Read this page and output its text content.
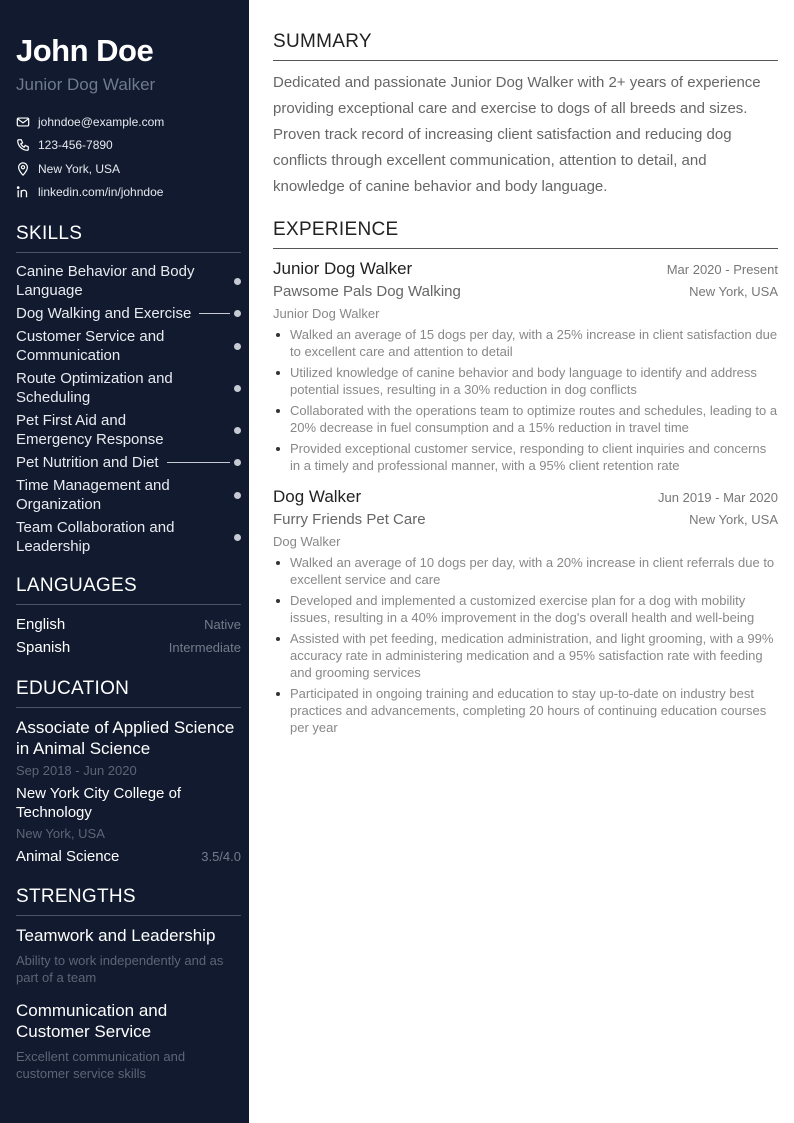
John Doe
Junior Dog Walker
johndoe@example.com
123-456-7890
New York, USA
linkedin.com/in/johndoe
SKILLS
Canine Behavior and Body Language
Dog Walking and Exercise
Customer Service and Communication
Route Optimization and Scheduling
Pet First Aid and Emergency Response
Pet Nutrition and Diet
Time Management and Organization
Team Collaboration and Leadership
LANGUAGES
English	Native
Spanish	Intermediate
EDUCATION
Associate of Applied Science in Animal Science
Sep 2018 - Jun 2020
New York City College of Technology
New York, USA
Animal Science	3.5/4.0
STRENGTHS
Teamwork and Leadership
Ability to work independently and as part of a team
Communication and Customer Service
Excellent communication and customer service skills
SUMMARY

Dedicated and passionate Junior Dog Walker with 2+ years of experience providing exceptional care and exercise to dogs of all breeds and sizes. Proven track record of increasing client satisfaction and reducing dog conflicts through excellent communication, attention to detail, and knowledge of canine behavior and body language.

EXPERIENCE
Junior Dog Walker	Mar 2020 - Present
Pawsome Pals Dog Walking	New York, USA
Junior Dog Walker
Walked an average of 15 dogs per day, with a 25% increase in client satisfaction due to excellent care and attention to detail
Utilized knowledge of canine behavior and body language to identify and address potential issues, resulting in a 30% reduction in dog conflicts
Collaborated with the operations team to optimize routes and schedules, leading to a 20% decrease in fuel consumption and a 15% reduction in travel time
Provided exceptional customer service, responding to client inquiries and concerns in a timely and professional manner, with a 95% client retention rate
Dog Walker	Jun 2019 - Mar 2020
Furry Friends Pet Care	New York, USA
Dog Walker
Walked an average of 10 dogs per day, with a 20% increase in client referrals due to excellent service and care
Developed and implemented a customized exercise plan for a dog with mobility issues, resulting in a 40% improvement in the dog's overall health and well-being
Assisted with pet feeding, medication administration, and light grooming, with a 99% accuracy rate in administering medication and a 95% satisfaction rate with feeding and grooming services
Participated in ongoing training and education to stay up-to-date on industry best practices and advancements, completing 20 hours of continuing education courses per year
